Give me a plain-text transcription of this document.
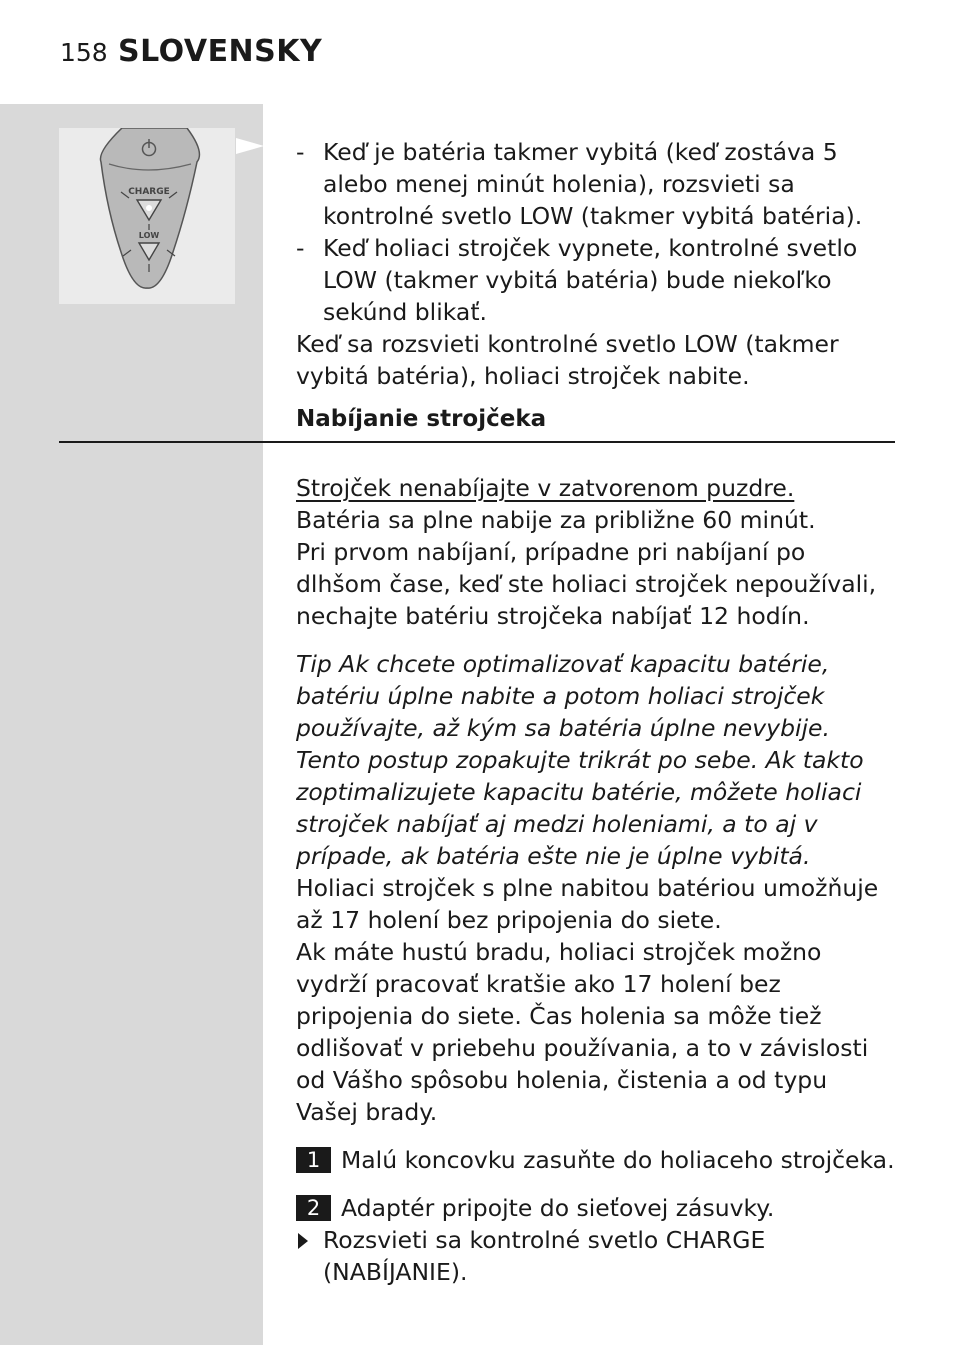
158 SLOVENSKY
CHARGE
LOW
- Keď je batéria takmer vybitá (keď zostáva 5 alebo menej minút holenia), rozsvieti sa kontrolné svetlo LOW (takmer vybitá batéria).
- Keď holiaci strojček vypnete, kontrolné svetlo LOW (takmer vybitá batéria) bude niekoľko sekúnd blikať.

Keď sa rozsvieti kontrolné svetlo LOW (takmer vybitá batéria), holiaci strojček nabite.

Nabíjanie strojčeka

Strojček nenabíjajte v zatvorenom puzdre.

Batéria sa plne nabije za približne 60 minút.

Pri prvom nabíjaní, prípadne pri nabíjaní po dlhšom čase, keď ste holiaci strojček nepoužívali, nechajte batériu strojčeka nabíjať 12 hodín.

Tip Ak chcete optimalizovať kapacitu batérie, batériu úplne nabite a potom holiaci strojček používajte, až kým sa batéria úplne nevybije. Tento postup zopakujte trikrát po sebe. Ak takto zoptimalizujete kapacitu batérie, môžete holiaci strojček nabíjať aj medzi holeniami, a to aj v prípade, ak batéria ešte nie je úplne vybitá.

Holiaci strojček s plne nabitou batériou umožňuje až 17 holení bez pripojenia do siete.

Ak máte hustú bradu, holiaci strojček možno vydrží pracovať kratšie ako 17 holení bez pripojenia do siete. Čas holenia sa môže tiež odlišovať v priebehu používania, a to v závislosti od Vášho spôsobu holenia, čistenia a od typu Vašej brady.

1 Malú koncovku zasuňte do holiaceho strojčeka.
2 Adaptér pripojte do sieťovej zásuvky.
Rozsvieti sa kontrolné svetlo CHARGE (NABÍJANIE).
